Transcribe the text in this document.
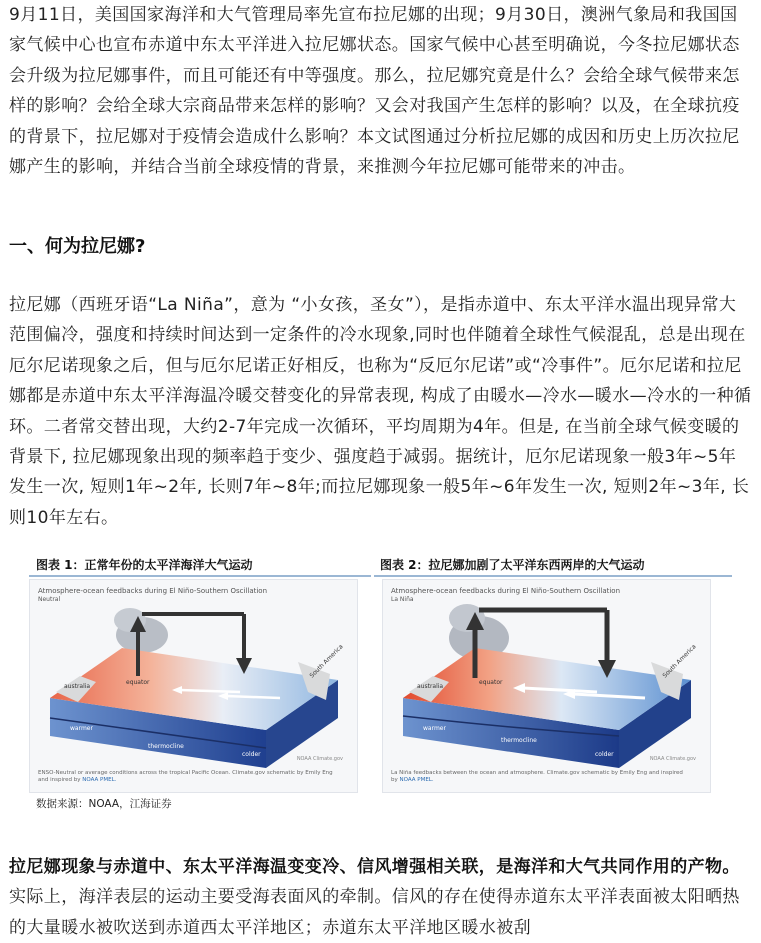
9月11日，美国国家海洋和大气管理局率先宣布拉尼娜的出现；9月30日，澳洲气象局和我国国家气候中心也宣布赤道中东太平洋进入拉尼娜状态。国家气候中心甚至明确说，今冬拉尼娜状态会升级为拉尼娜事件，而且可能还有中等强度。那么，拉尼娜究竟是什么？会给全球气候带来怎样的影响？会给全球大宗商品带来怎样的影响？又会对我国产生怎样的影响？以及，在全球抗疫的背景下，拉尼娜对于疫情会造成什么影响？本文试图通过分析拉尼娜的成因和历史上历次拉尼娜产生的影响，并结合当前全球疫情的背景，来推测今年拉尼娜可能带来的冲击。

一、何为拉尼娜?

拉尼娜（西班牙语“La Niña”，意为 “小女孩，圣女”），是指赤道中、东太平洋水温出现异常大范围偏冷，强度和持续时间达到一定条件的冷水现象,同时也伴随着全球性气候混乱，总是出现在厄尔尼诺现象之后，但与厄尔尼诺正好相反，也称为“反厄尔尼诺”或“冷事件”。厄尔尼诺和拉尼娜都是赤道中东太平洋海温冷暖交替变化的异常表现, 构成了由暖水—冷水—暖水—冷水的一种循环。二者常交替出现，大约2-7年完成一次循环，平均周期为4年。但是, 在当前全球气候变暖的背景下, 拉尼娜现象出现的频率趋于变少、强度趋于减弱。据统计，厄尔尼诺现象一般3年~5年发生一次, 短则1年~2年, 长则7年~8年;而拉尼娜现象一般5年~6年发生一次, 短则2年~3年, 长则10年左右。

图表 1：正常年份的太平洋海洋大气运动
Atmosphere-ocean feedbacks during El Niño-Southern Oscillation
Neutral
australia
equator
South America
warmer
thermocline
colder
NOAA Climate.gov
ENSO-Neutral or average conditions across the tropical Pacific Ocean. Climate.gov schematic by Emily Eng and inspired by NOAA PMEL.
图表 2：拉尼娜加剧了太平洋东西两岸的大气运动
Atmosphere-ocean feedbacks during El Niño-Southern Oscillation
La Niña
australia
equator
South America
warmer
thermocline
colder
NOAA Climate.gov
La Niña feedbacks between the ocean and atmosphere. Climate.gov schematic by Emily Eng and inspired by NOAA PMEL.
数据来源：NOAA，江海证券

拉尼娜现象与赤道中、东太平洋海温变变冷、信风增强相关联，是海洋和大气共同作用的产物。实际上，海洋表层的运动主要受海表面风的牵制。信风的存在使得赤道东太平洋表面被太阳晒热的大量暖水被吹送到赤道西太平洋地区；赤道东太平洋地区暖水被刮
